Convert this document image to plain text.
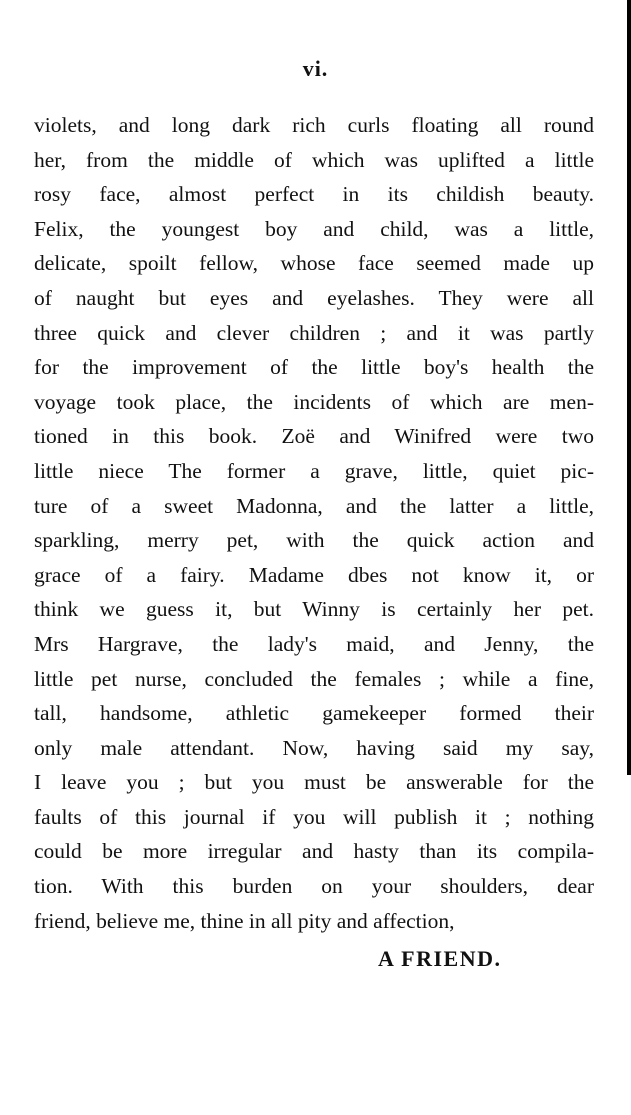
vi.
violets, and long dark rich curls floating all round
her, from the middle of which was uplifted a little
rosy face, almost perfect in its childish beauty.
Felix, the youngest boy and child, was a little,
delicate, spoilt fellow, whose face seemed made up
of naught but eyes and eyelashes. They were all
three quick and clever children ; and it was partly
for the improvement of the little boy's health the
voyage took place, the incidents of which are men-
tioned in this book. Zoë and Winifred were two
little niece The former a grave, little, quiet pic-
ture of a sweet Madonna, and the latter a little,
sparkling, merry pet, with the quick action and
grace of a fairy. Madame dbes not know it, or
think we guess it, but Winny is certainly her pet.
Mrs Hargrave, the lady's maid, and Jenny, the
little pet nurse, concluded the females ; while a fine,
tall, handsome, athletic gamekeeper formed their
only male attendant. Now, having said my say,
I leave you ; but you must be answerable for the
faults of this journal if you will publish it ; nothing
could be more irregular and hasty than its compila-
tion. With this burden on your shoulders, dear
friend, believe me, thine in all pity and affection,
A FRIEND.
